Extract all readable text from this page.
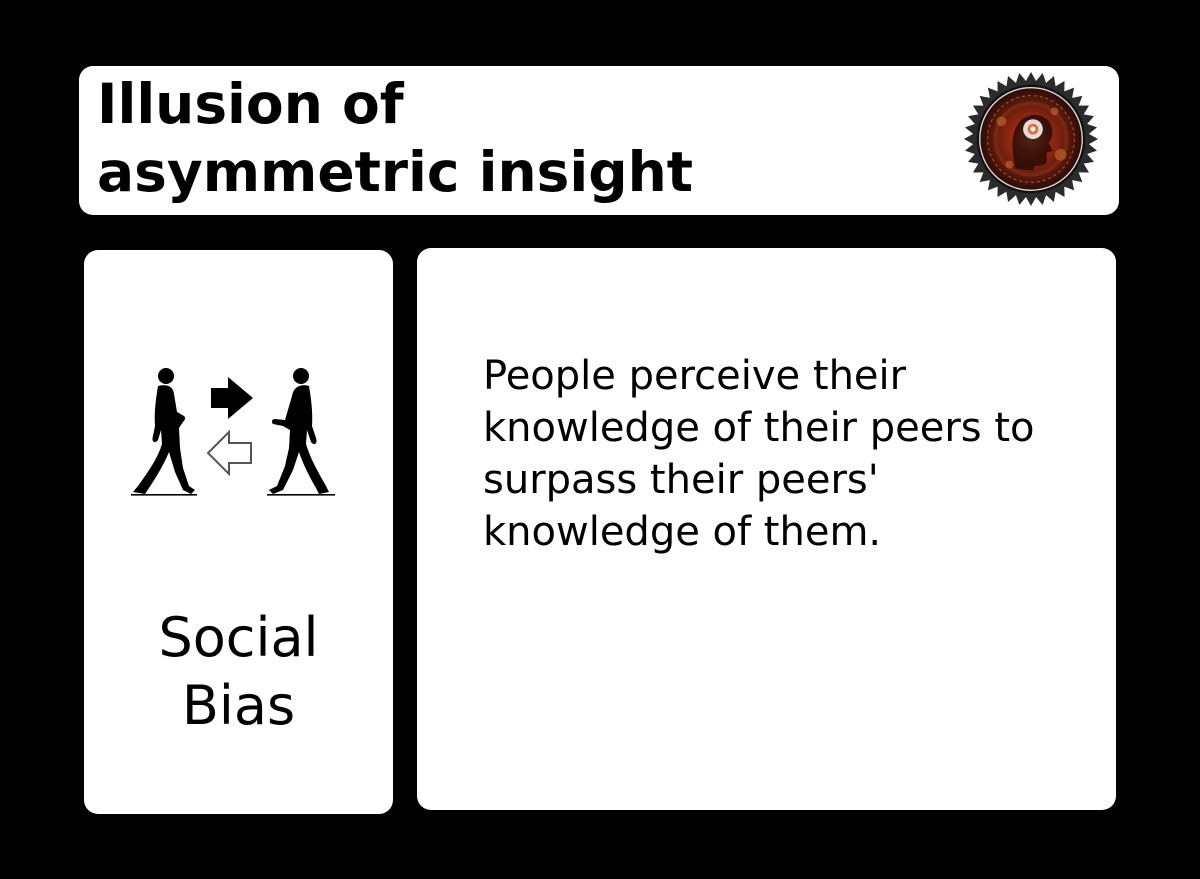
Illusion of
asymmetric insight

Social
Bias

People perceive their knowledge of their peers to surpass their peers' knowledge of them.
